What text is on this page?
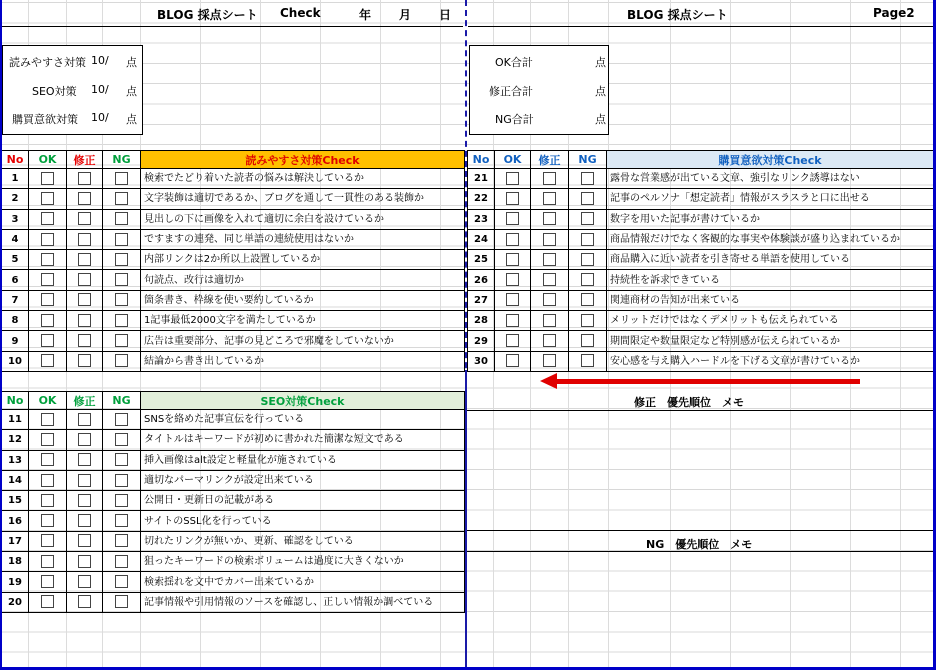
BLOG 採点シート Check	年 月 日	BLOG 採点シート	Page2
読みやすさ対策 10/ 点
SEO対策 10/ 点
購買意欲対策 10/ 点
OK合計	点
修正合計	点
NG合計	点
No	OK	修正	NG	読みやすさ対策Check
1				検索でたどり着いた読者の悩みは解決しているか
2				文字装飾は適切であるか、ブログを通して一貫性のある装飾か
3				見出しの下に画像を入れて適切に余白を設けているか
4				ですますの連発、同じ単語の連続使用はないか
5				内部リンクは2か所以上設置しているか
6				句読点、改行は適切か
7				箇条書き、枠線を使い要約しているか
8				1記事最低2000文字を満たしているか
9				広告は重要部分、記事の見どころで邪魔をしていないか
10				結論から書き出しているか
No	OK	修正	NG	購買意欲対策Check
21				露骨な営業感が出ている文章、強引なリンク誘導はない
22				記事のペルソナ「想定読者」情報がスラスラと口に出せる
23				数字を用いた記事が書けているか
24				商品情報だけでなく客観的な事実や体験談が盛り込まれているか
25				商品購入に近い読者を引き寄せる単語を使用している
26				持続性を訴求できている
27				関連商材の告知が出来ている
28				メリットだけではなくデメリットも伝えられている
29				期間限定や数量限定など特別感が伝えられているか
30				安心感を与え購入ハードルを下げる文章が書けているか
No	OK	修正	NG	SEO対策Check
11				SNSを絡めた記事宣伝を行っている
12				タイトルはキーワードが初めに書かれた簡潔な短文である
13				挿入画像はalt設定と軽量化が施されている
14				適切なパーマリンクが設定出来ている
15				公開日・更新日の記載がある
16				サイトのSSL化を行っている
17				切れたリンクが無いか、更新、確認をしている
18				狙ったキーワードの検索ボリュームは過度に大きくないか
19				検索揺れを文中でカバー出来ているか
20				記事情報や引用情報のソースを確認し、正しい情報か調べている
修正　優先順位　メモ
NG　優先順位　メモ
